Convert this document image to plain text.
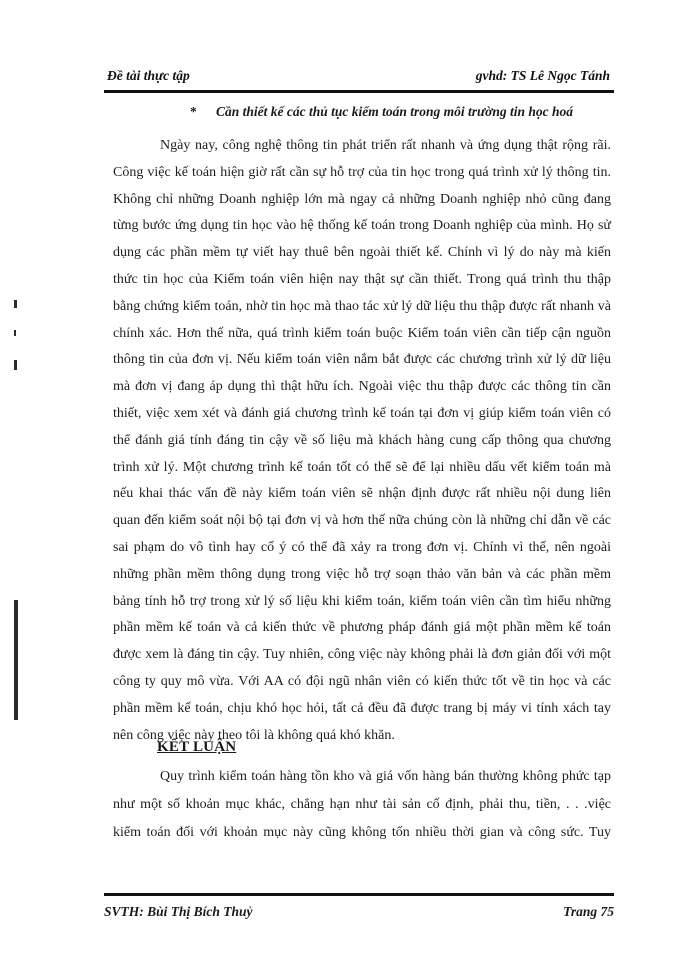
Đề tài thực tập	gvhd: TS Lê Ngọc Tánh
* Cần thiết kế các thủ tục kiểm toán trong môi trường tin học hoá
Ngày nay, công nghệ thông tin phát triển rất nhanh và ứng dụng thật rộng rãi.
Công việc kế toán hiện giờ rất cần sự hỗ trợ của tin học trong quá trình xử lý thông tin.
Không chỉ những Doanh nghiệp lớn mà ngay cả những Doanh nghiệp nhỏ cũng đang
từng bước ứng dụng tin học vào hệ thống kế toán trong Doanh nghiệp của mình. Họ sử
dụng các phần mềm tự viết hay thuê bên ngoài thiết kế. Chính vì lý do này mà kiến
thức tin học của Kiểm toán viên hiện nay thật sự cần thiết. Trong quá trình thu thập
bằng chứng kiểm toán, nhờ tin học mà thao tác xử lý dữ liệu thu thập được rất nhanh và
chính xác. Hơn thế nữa, quá trình kiểm toán buộc Kiểm toán viên cần tiếp cận nguồn
thông tin của đơn vị. Nếu kiểm toán viên nắm bắt được các chương trình xử lý dữ liệu
mà đơn vị đang áp dụng thì thật hữu ích. Ngoài việc thu thập được các thông tin cần
thiết, việc xem xét và đánh giá chương trình kế toán tại đơn vị giúp kiểm toán viên có
thể đánh giá tính đáng tin cậy về số liệu mà khách hàng cung cấp thông qua chương
trình xử lý. Một chương trình kế toán tốt có thể sẽ để lại nhiều dấu vết kiểm toán mà
nếu khai thác vấn đề này kiểm toán viên sẽ nhận định được rất nhiều nội dung liên
quan đến kiểm soát nội bộ tại đơn vị và hơn thế nữa chúng còn là những chỉ dẫn về các
sai phạm do vô tình hay cố ý có thể đã xảy ra trong đơn vị. Chính vì thế, nên ngoài
những phần mềm thông dụng trong việc hỗ trợ soạn thảo văn bản và các phần mềm
bảng tính hỗ trợ trong xử lý số liệu khi kiểm toán, kiểm toán viên cần tìm hiểu những
phần mềm kế toán và cả kiến thức về phương pháp đánh giá một phần mềm kế toán
được xem là đáng tin cậy. Tuy nhiên, công việc này không phải là đơn giản đối với một
công ty quy mô vừa. Với AA có đội ngũ nhân viên có kiến thức tốt về tin học và các
phần mềm kế toán, chịu khó học hỏi, tất cả đều đã được trang bị máy vi tính xách tay
nên công việc này theo tôi là không quá khó khăn.
KẾT LUẬN
Quy trình kiểm toán hàng tồn kho và giá vốn hàng bán thường không phức tạp
như một số khoản mục khác, chẳng hạn như tài sản cố định, phải thu, tiền, . . .việc
kiểm toán đối với khoản mục này cũng không tốn nhiều thời gian và công sức. Tuy
SVTH: Bùi Thị Bích Thuỷ	Trang 75
